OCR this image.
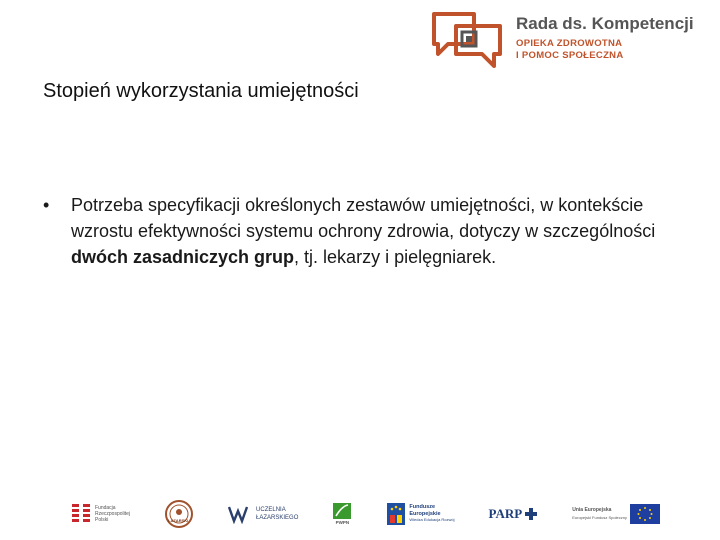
Rada ds. Kompetencji
OPIEKA ZDROWOTNA
I POMOC SPOŁECZNA
Stopień wykorzystania umiejętności
• Potrzeba specyfikacji określonych zestawów umiejętności, w kontekście wzrostu efektywności systemu ochrony zdrowia, dotyczy w szczególności dwóch zasadniczych grup, tj. lekarzy i pielęgniarek.
Fundacja
Rzeczpospolitej
Polski	ŁAZARSKI
UCZELNIA
ŁAZARSKIEGO
PWPN
Fundusze
Europejskie
Wiedza Edukacja Rozwój	PARP	Unia Europejska
Europejski Fundusz Społeczny
